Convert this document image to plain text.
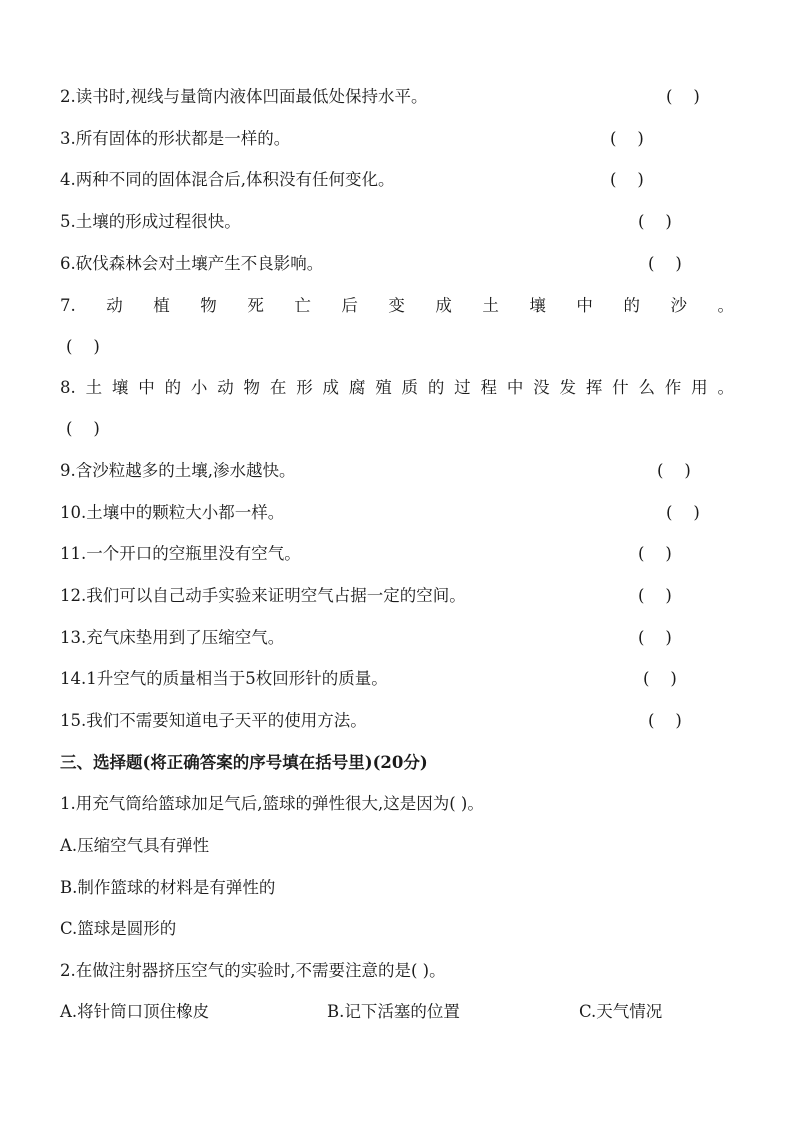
2.读书时,视线与量筒内液体凹面最低处保持水平。	(    )
3.所有固体的形状都是一样的。	(    )
4.两种不同的固体混合后,体积没有任何变化。	(    )
5.土壤的形成过程很快。	(    )
6.砍伐森林会对土壤产生不良影响。	(    )
7. 动 植 物 死 亡 后 变 成 土 壤 中 的 沙 。
(    )
8. 土 壤 中 的 小 动 物 在 形 成 腐 殖 质 的 过 程 中 没 发 挥 什 么 作 用 。
(    )
9.含沙粒越多的土壤,渗水越快。	(    )
10.土壤中的颗粒大小都一样。	(    )
11.一个开口的空瓶里没有空气。	(    )
12.我们可以自己动手实验来证明空气占据一定的空间。	(    )
13.充气床垫用到了压缩空气。	(    )
14.1升空气的质量相当于5枚回形针的质量。	(    )
15.我们不需要知道电子天平的使用方法。	(    )
三、选择题(将正确答案的序号填在括号里)(20分)
1.用充气筒给篮球加足气后,篮球的弹性很大,这是因为( )。
A.压缩空气具有弹性
B.制作篮球的材料是有弹性的
C.篮球是圆形的
2.在做注射器挤压空气的实验时,不需要注意的是( )。
A.将针筒口顶住橡皮	B.记下活塞的位置	C.天气情况
